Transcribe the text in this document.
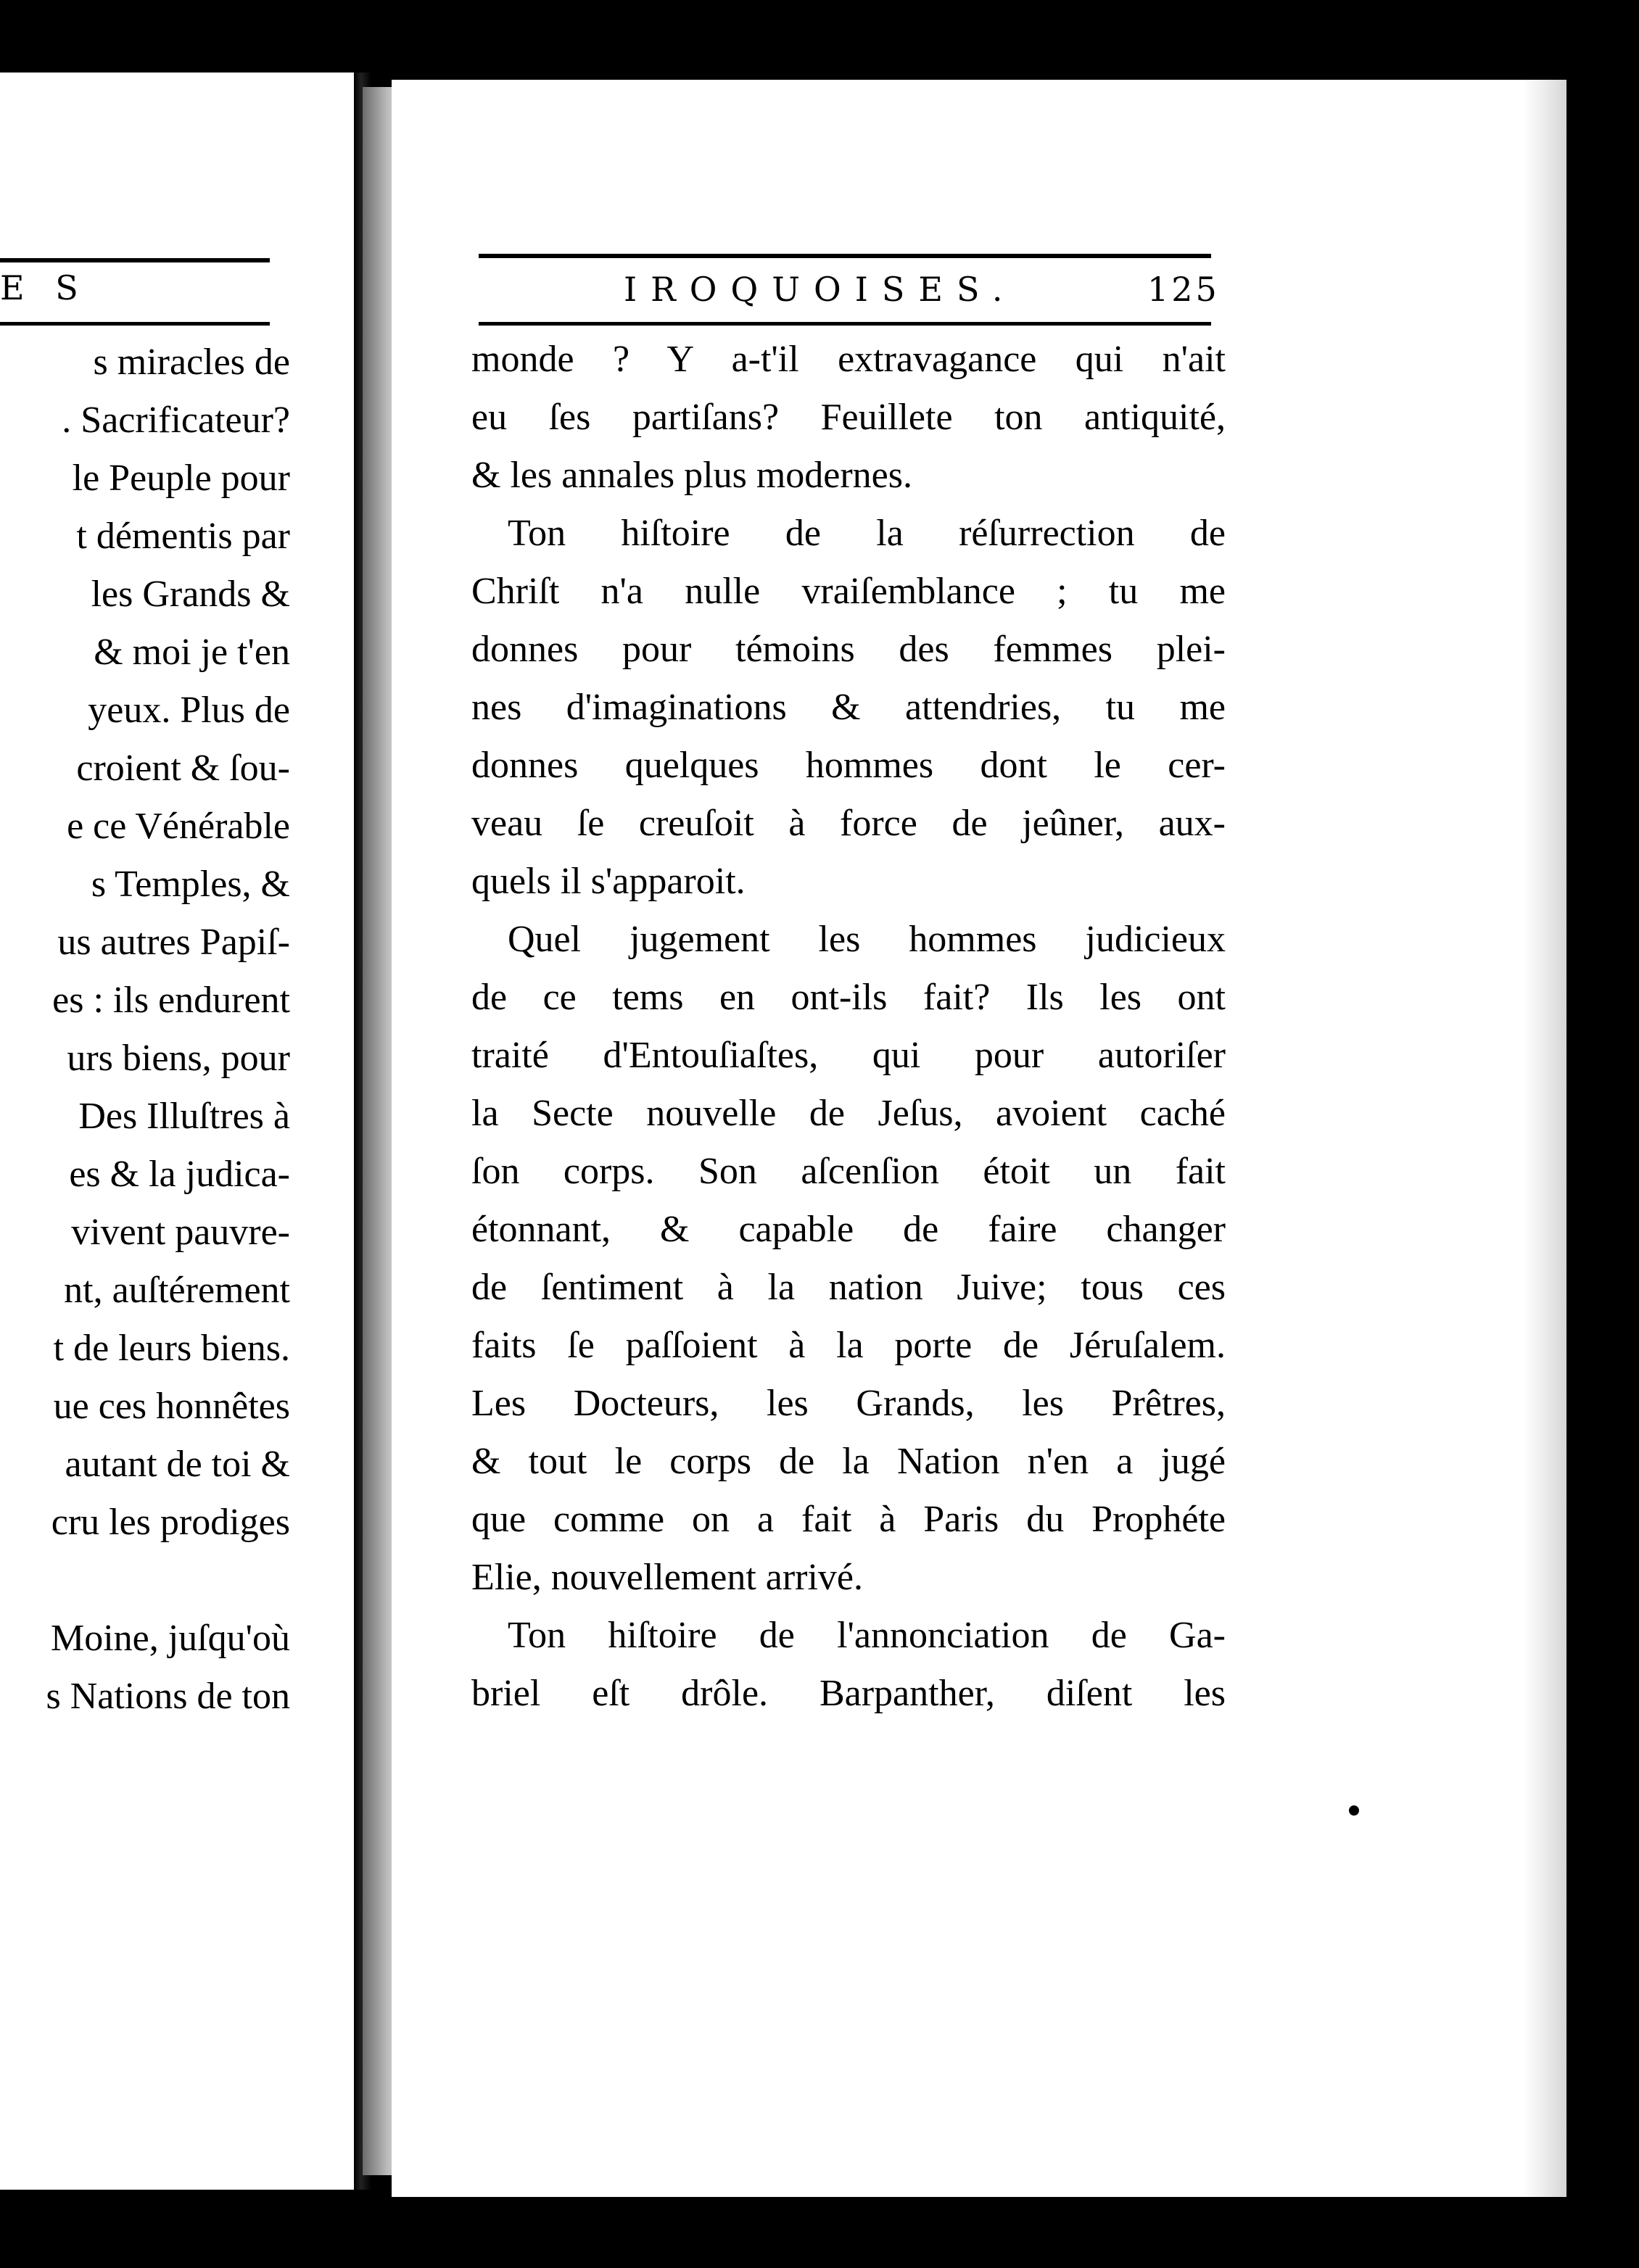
E S
s miracles de
. Sacrificateur?
le Peuple pour
t démentis par
les Grands &
& moi je t'en
yeux. Plus de
croient & ſou-
e ce Vénérable
s Temples, &
us autres Papiſ-
es : ils endurent
urs biens, pour
Des Illuſtres à
es & la judica-
vivent pauvre-
nt, auſtérement
t de leurs biens.
ue ces honnêtes
autant de toi &
cru les prodiges
Moine, juſqu'où
s Nations de ton
IROQUOISES.	125
monde ? Y a-t'il extravagance qui n'ait
eu ſes partiſans? Feuillete ton antiquité,
& les annales plus modernes.
Ton hiſtoire de la réſurrection de
Chriſt n'a nulle vraiſemblance ; tu me
donnes pour témoins des femmes plei-
nes d'imaginations & attendries, tu me
donnes quelques hommes dont le cer-
veau ſe creuſoit à force de jeûner, aux-
quels il s'apparoit.
Quel jugement les hommes judicieux
de ce tems en ont-ils fait? Ils les ont
traité d'Entouſiaſtes, qui pour autoriſer
la Secte nouvelle de Jeſus, avoient caché
ſon corps. Son aſcenſion étoit un fait
étonnant, & capable de faire changer
de ſentiment à la nation Juive; tous ces
faits ſe paſſoient à la porte de Jéruſalem.
Les Docteurs, les Grands, les Prêtres,
& tout le corps de la Nation n'en a jugé
que comme on a fait à Paris du Prophéte
Elie, nouvellement arrivé.
Ton hiſtoire de l'annonciation de Ga-
briel eſt drôle. Barpanther, diſent les
